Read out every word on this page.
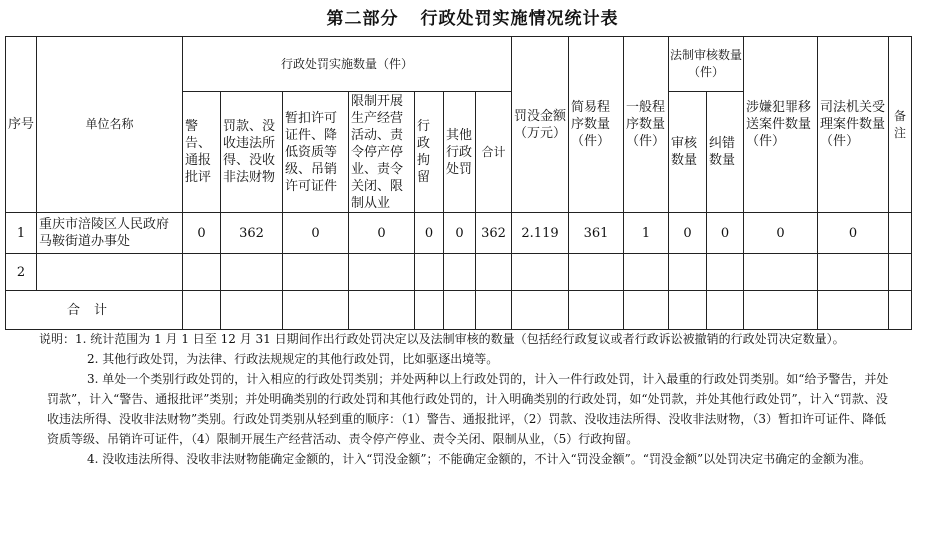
第二部分 行政处罚实施情况统计表
序号	单位名称	行政处罚实施数量（件）							罚没金额（万元）	简易程序数量（件）	一般程序数量（件）	法制审核数量（件）		涉嫌犯罪移送案件数量（件）	司法机关受理案件数量（件）	备注
		警告、通报批评	罚款、没收违法所得、没收非法财物	暂扣许可证件、降低资质等级、吊销许可证件	限制开展生产经营活动、责令停产停业、责令关闭、限制从业	行政拘留	其他行政处罚	合计				审核数量	纠错数量			
1	重庆市涪陵区人民政府马鞍街道办事处	0	362	0	0	0	0	362	2.119	361	1	0	0	0	0	
2																
合计																

说明：1. 统计范围为 1 月 1 日至 12 月 31 日期间作出行政处罚决定以及法制审核的数量（包括经行政复议或者行政诉讼被撤销的行政处罚决定数量）。

2. 其他行政处罚，为法律、行政法规规定的其他行政处罚，比如驱逐出境等。

3. 单处一个类别行政处罚的，计入相应的行政处罚类别；并处两种以上行政处罚的，计入一件行政处罚，计入最重的行政处罚类别。如“给予警告，并处罚款”，计入“警告、通报批评”类别；并处明确类别的行政处罚和其他行政处罚的，计入明确类别的行政处罚，如“处罚款，并处其他行政处罚”，计入“罚款、没收违法所得、没收非法财物”类别。行政处罚类别从轻到重的顺序：（1）警告、通报批评，（2）罚款、没收违法所得、没收非法财物，（3）暂扣许可证件、降低资质等级、吊销许可证件，（4）限制开展生产经营活动、责令停产停业、责令关闭、限制从业，（5）行政拘留。

4. 没收违法所得、没收非法财物能确定金额的，计入“罚没金额”；不能确定金额的，不计入“罚没金额”。“罚没金额”以处罚决定书确定的金额为准。
